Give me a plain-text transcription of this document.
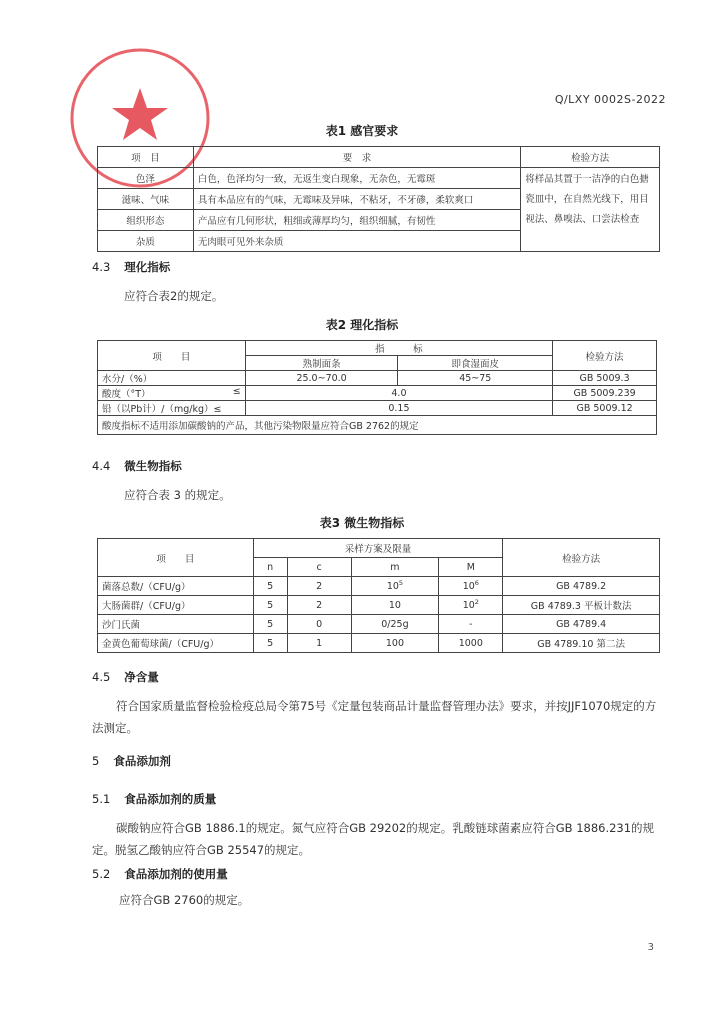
Q/LXY 0002S-2022
表1 感官要求
项　目	要　求	检验方法
色泽	白色，色泽均匀一致，无返生变白现象，无杂色，无霉斑	将样品其置于一洁净的白色搪瓷皿中，在自然光线下，用目视法、鼻嗅法、口尝法检查
滋味、气味	具有本品应有的气味，无霉味及异味，不粘牙，不牙碜，柔软爽口	
组织形态	产品应有几何形状，粗细或薄厚均匀，组织细腻，有韧性	
杂质	无肉眼可见外来杂质	
4.3 理化指标
应符合表2的规定。
表2 理化指标
项　　目	指　　　标		检验方法
	熟制面条	即食湿面皮	
水分/（%）	25.0~70.0	45~75	GB 5009.3
酸度（°T） ≤	4.0		GB 5009.239
铅（以Pb计）/（mg/kg）≤	0.15		GB 5009.12
酸度指标不适用添加碳酸钠的产品，其他污染物限量应符合GB 2762的规定			
4.4 微生物指标
应符合表 3 的规定。
表3 微生物指标
项　　目	采样方案及限量				检验方法
	n	c	m	M	
菌落总数/（CFU/g）	5	2	$10^5$	$10^6$	GB 4789.2
大肠菌群/（CFU/g）	5	2	10	$10^2$	GB 4789.3 平板计数法
沙门氏菌	5	0	0/25g	-	GB 4789.4
金黄色葡萄球菌/（CFU/g）	5	1	100	1000	GB 4789.10 第二法
4.5 净含量
符合国家质量监督检验检疫总局令第75号《定量包装商品计量监督管理办法》要求，并按JJF1070规定的方法测定。
5 食品添加剂
5.1 食品添加剂的质量
碳酸钠应符合GB 1886.1的规定。氮气应符合GB 29202的规定。乳酸链球菌素应符合GB 1886.231的规定。脱氢乙酸钠应符合GB 25547的规定。
5.2 食品添加剂的使用量
应符合GB 2760的规定。
3
